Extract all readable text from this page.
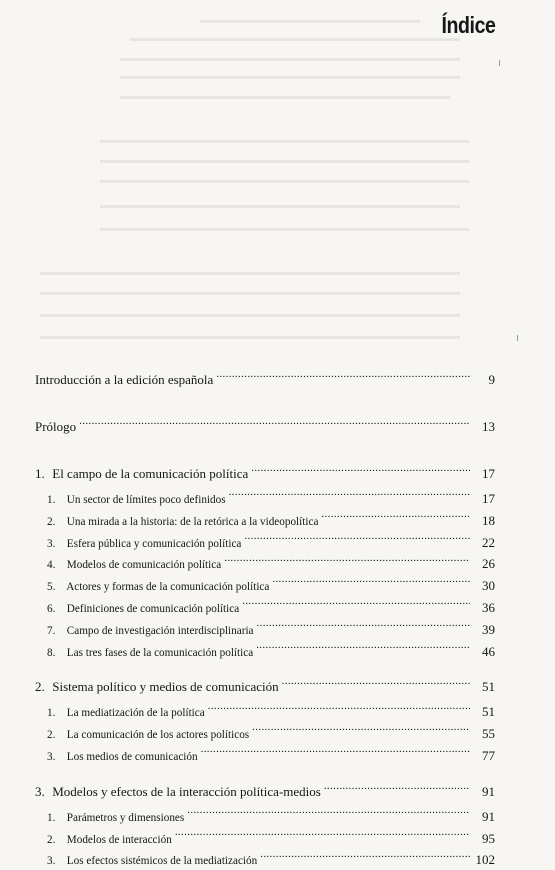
Índice
Introducción a la edición española . . .	9
Prólogo . . .	13
1. El campo de la comunicación política . . .	17
1. Un sector de límites poco definidos . . .	17
2. Una mirada a la historia: de la retórica a la videopolítica . . .	18
3. Esfera pública y comunicación política . . .	22
4. Modelos de comunicación política . . .	26
5. Actores y formas de la comunicación política . . .	30
6. Definiciones de comunicación política . . .	36
7. Campo de investigación interdisciplinaria . . .	39
8. Las tres fases de la comunicación política . . .	46
2. Sistema político y medios de comunicación . . .	51
1. La mediatización de la política . . .	51
2. La comunicación de los actores políticos . . .	55
3. Los medios de comunicación . . .	77
3. Modelos y efectos de la interacción política-medios . . .	91
1. Parámetros y dimensiones . . .	91
2. Modelos de interacción . . .	95
3. Los efectos sistémicos de la mediatización . . .	102
